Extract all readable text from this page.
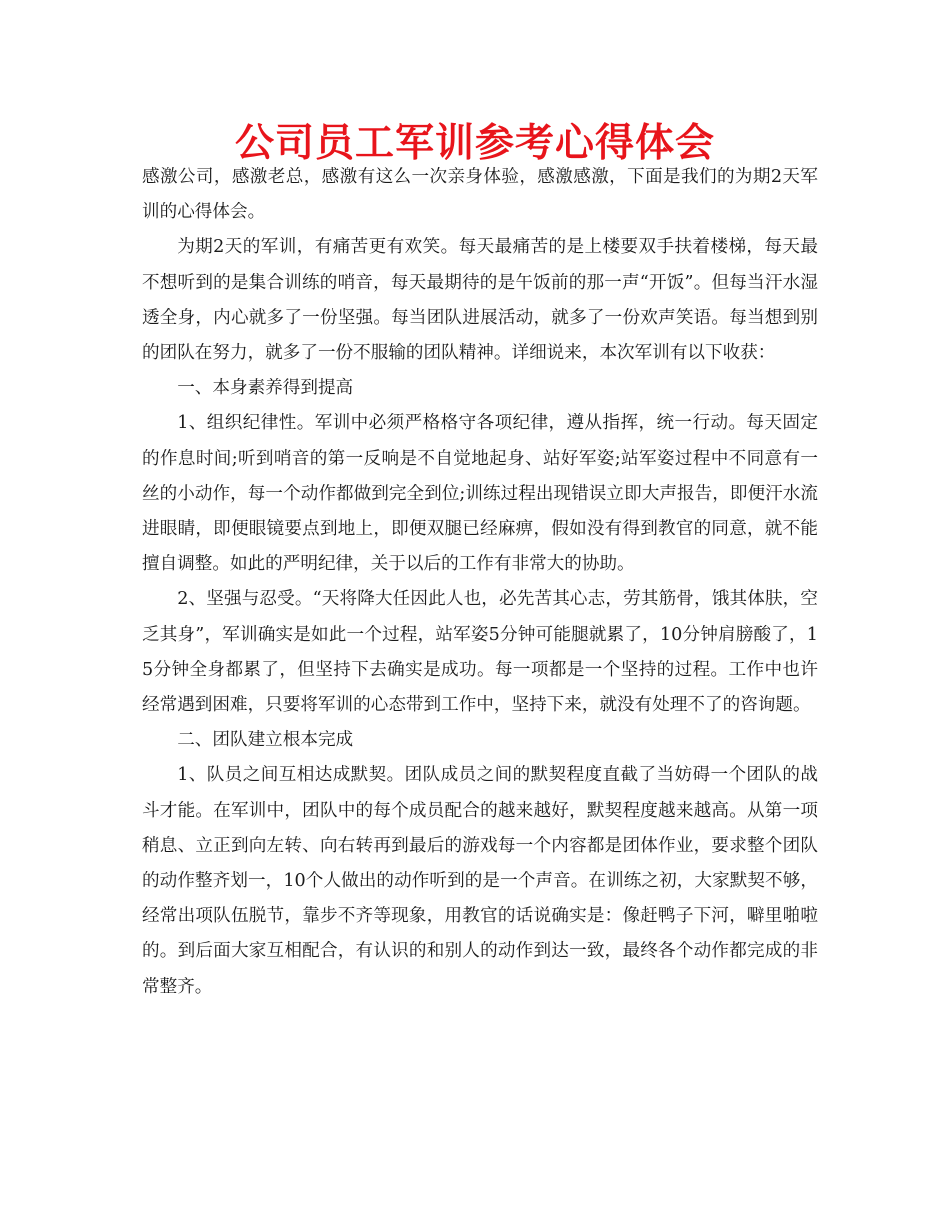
公司员工军训参考心得体会

感激公司，感激老总，感激有这么一次亲身体验，感激感激，下面是我们的为期2天军训的心得体会。

为期2天的军训，有痛苦更有欢笑。每天最痛苦的是上楼要双手扶着楼梯，每天最不想听到的是集合训练的哨音，每天最期待的是午饭前的那一声“开饭”。但每当汗水湿透全身，内心就多了一份坚强。每当团队进展活动，就多了一份欢声笑语。每当想到别的团队在努力，就多了一份不服输的团队精神。详细说来，本次军训有以下收获：

一、本身素养得到提高

1、组织纪律性。军训中必须严格格守各项纪律，遵从指挥，统一行动。每天固定的作息时间;听到哨音的第一反响是不自觉地起身、站好军姿;站军姿过程中不同意有一丝的小动作，每一个动作都做到完全到位;训练过程出现错误立即大声报告，即便汗水流进眼睛，即便眼镜要点到地上，即便双腿已经麻痹，假如没有得到教官的同意，就不能擅自调整。如此的严明纪律，关于以后的工作有非常大的协助。

2、坚强与忍受。“天将降大任因此人也，必先苦其心志，劳其筋骨，饿其体肤，空乏其身”，军训确实是如此一个过程，站军姿5分钟可能腿就累了，10分钟肩膀酸了，15分钟全身都累了，但坚持下去确实是成功。每一项都是一个坚持的过程。工作中也许经常遇到困难，只要将军训的心态带到工作中，坚持下来，就没有处理不了的咨询题。

二、团队建立根本完成

1、队员之间互相达成默契。团队成员之间的默契程度直截了当妨碍一个团队的战斗才能。在军训中，团队中的每个成员配合的越来越好，默契程度越来越高。从第一项稍息、立正到向左转、向右转再到最后的游戏每一个内容都是团体作业，要求整个团队的动作整齐划一，10个人做出的动作听到的是一个声音。在训练之初，大家默契不够，经常出项队伍脱节，靠步不齐等现象，用教官的话说确实是：像赶鸭子下河，噼里啪啦的。到后面大家互相配合，有认识的和别人的动作到达一致，最终各个动作都完成的非常整齐。
